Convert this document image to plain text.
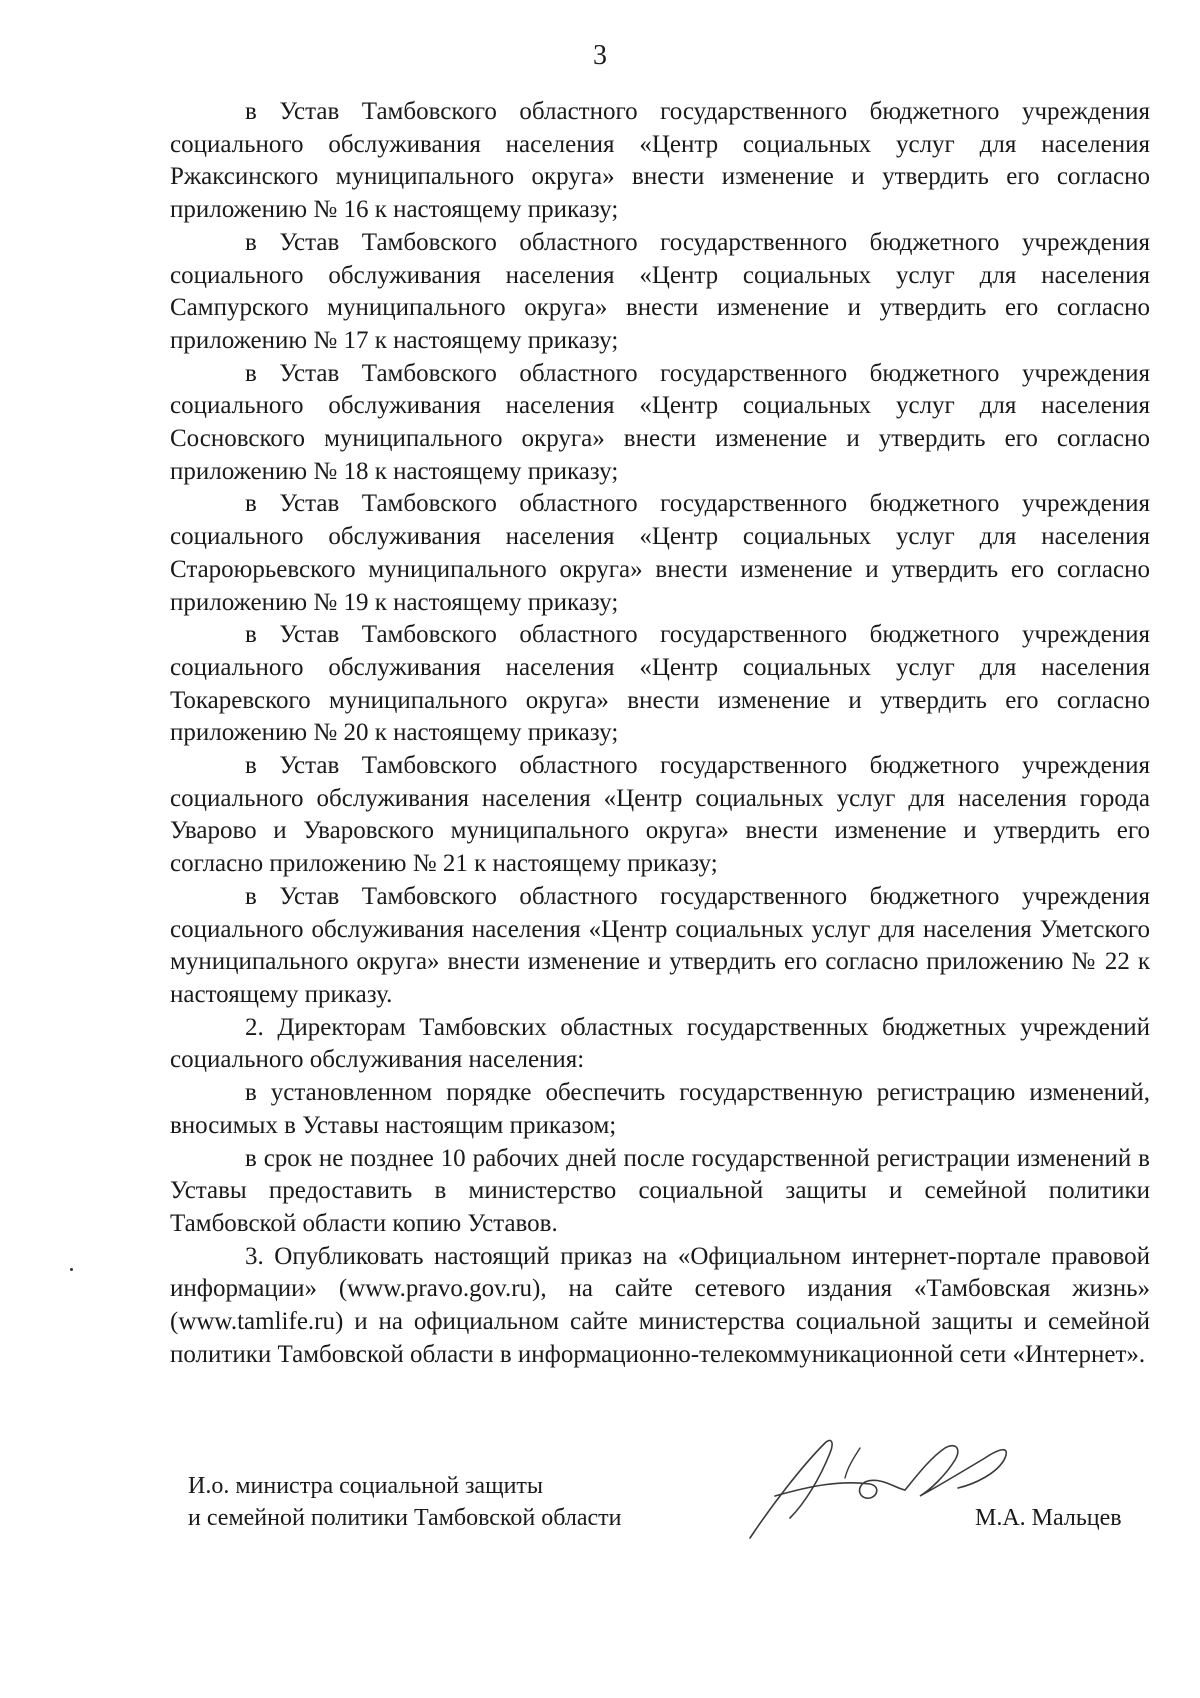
3

в Устав Тамбовского областного государственного бюджетного учреждения социального обслуживания населения «Центр социальных услуг для населения Ржаксинского муниципального округа» внести изменение и утвердить его согласно приложению № 16 к настоящему приказу;

в Устав Тамбовского областного государственного бюджетного учреждения социального обслуживания населения «Центр социальных услуг для населения Сампурского муниципального округа» внести изменение и утвердить его согласно приложению № 17 к настоящему приказу;

в Устав Тамбовского областного государственного бюджетного учреждения социального обслуживания населения «Центр социальных услуг для населения Сосновского муниципального округа» внести изменение и утвердить его согласно приложению № 18 к настоящему приказу;

в Устав Тамбовского областного государственного бюджетного учреждения социального обслуживания населения «Центр социальных услуг для населения Староюрьевского муниципального округа» внести изменение и утвердить его согласно приложению № 19 к настоящему приказу;

в Устав Тамбовского областного государственного бюджетного учреждения социального обслуживания населения «Центр социальных услуг для населения Токаревского муниципального округа» внести изменение и утвердить его согласно приложению № 20 к настоящему приказу;

в Устав Тамбовского областного государственного бюджетного учреждения социального обслуживания населения «Центр социальных услуг для населения города Уварово и Уваровского муниципального округа» внести изменение и утвердить его согласно приложению № 21 к настоящему приказу;

в Устав Тамбовского областного государственного бюджетного учреждения социального обслуживания населения «Центр социальных услуг для населения Уметского муниципального округа» внести изменение и утвердить его согласно приложению № 22 к настоящему приказу.

2. Директорам Тамбовских областных государственных бюджетных учреждений социального обслуживания населения:

в установленном порядке обеспечить государственную регистрацию изменений, вносимых в Уставы настоящим приказом;

в срок не позднее 10 рабочих дней после государственной регистрации изменений в Уставы предоставить в министерство социальной защиты и семейной политики Тамбовской области копию Уставов.

3. Опубликовать настоящий приказ на «Официальном интернет-портале правовой информации» (www.pravo.gov.ru), на сайте сетевого издания «Тамбовская жизнь» (www.tamlife.ru) и на официальном сайте министерства социальной защиты и семейной политики Тамбовской области в информационно-телекоммуникационной сети «Интернет».

И.о. министра социальной защиты
и семейной политики Тамбовской области	М.А. Мальцев
